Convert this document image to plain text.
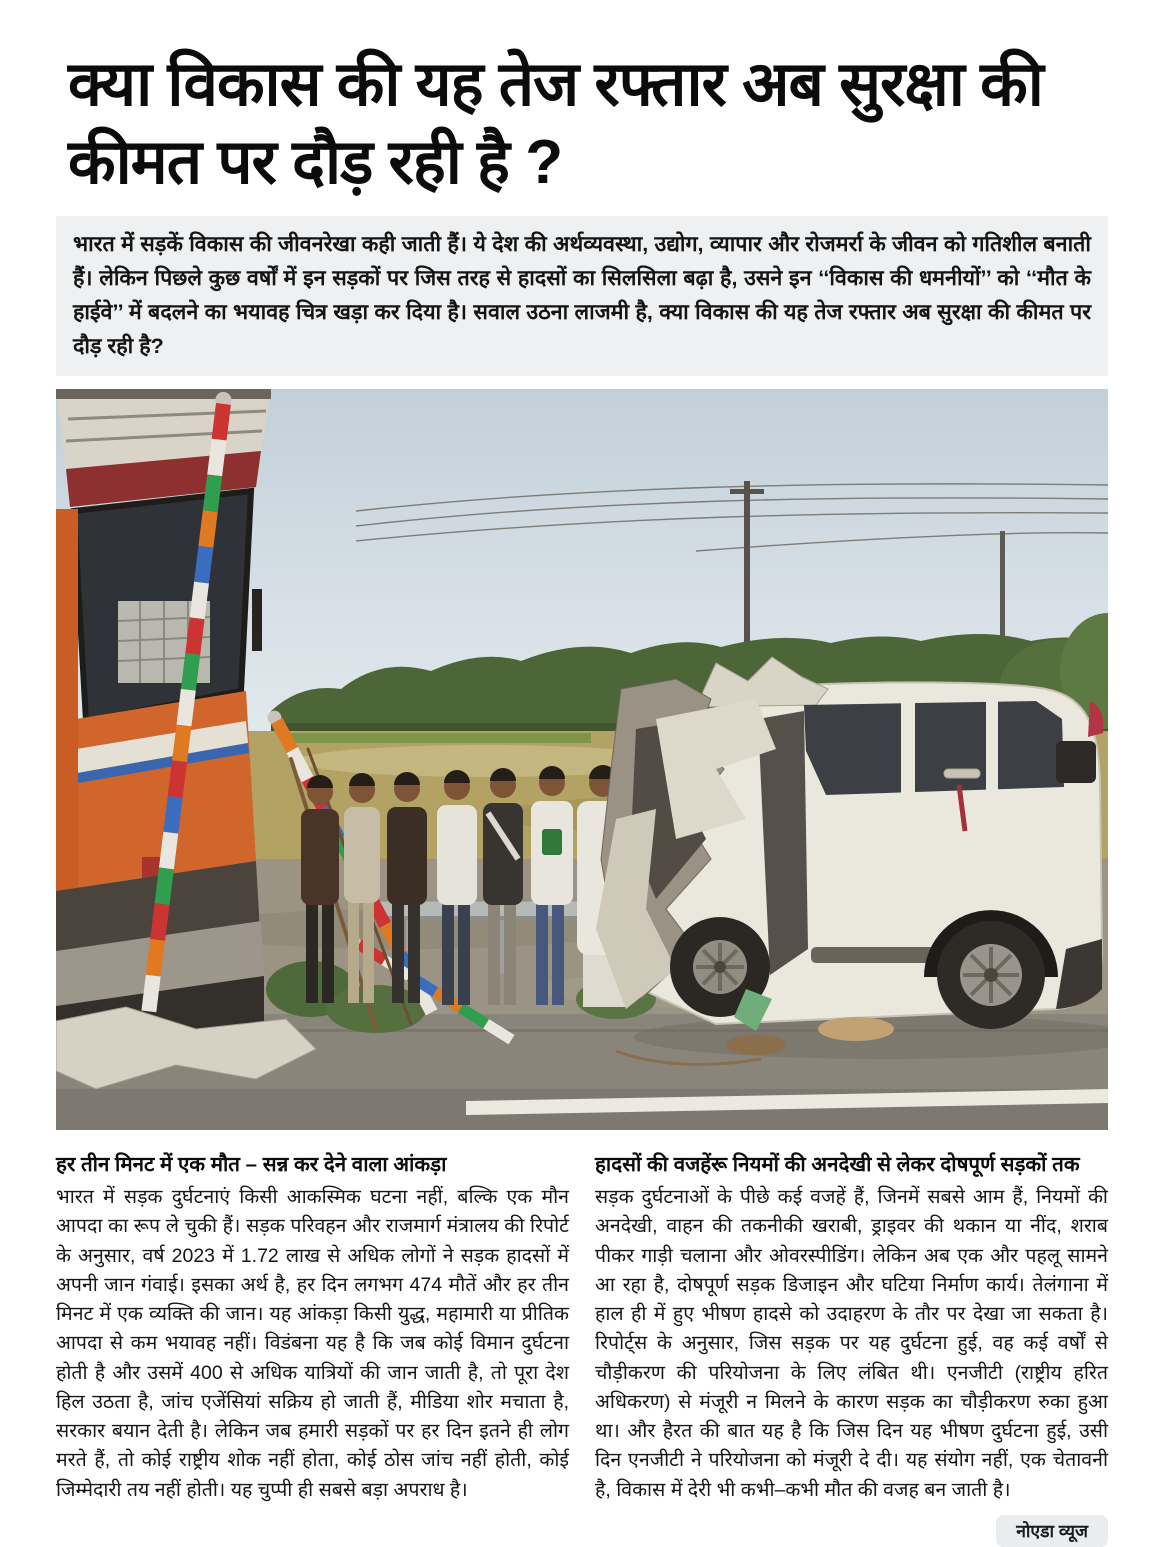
क्या विकास की यह तेज रफ्तार अब सुरक्षा की कीमत पर दौड़ रही है ?
भारत में सड़कें विकास की जीवनरेखा कही जाती हैं। ये देश की अर्थव्यवस्था, उद्योग, व्यापार और रोजमर्रा के जीवन को गतिशील बनाती हैं। लेकिन पिछले कुछ वर्षों में इन सड़कों पर जिस तरह से हादसों का सिलसिला बढ़ा है, उसने इन ‘‘विकास की धमनीयों’’ को ‘‘मौत के हाईवे’’ में बदलने का भयावह चित्र खड़ा कर दिया है। सवाल उठना लाजमी है, क्या विकास की यह तेज रफ्तार अब सुरक्षा की कीमत पर दौड़ रही है?
हर तीन मिनट में एक मौत – सन्न कर देने वाला आंकड़ा

भारत में सड़क दुर्घटनाएं किसी आकस्मिक घटना नहीं, बल्कि एक मौन आपदा का रूप ले चुकी हैं। सड़क परिवहन और राजमार्ग मंत्रालय की रिपोर्ट के अनुसार, वर्ष 2023 में 1.72 लाख से अधिक लोगों ने सड़क हादसों में अपनी जान गंवाई। इसका अर्थ है, हर दिन लगभग 474 मौतें और हर तीन मिनट में एक व्यक्ति की जान। यह आंकड़ा किसी युद्ध, महामारी या प्रीतिक आपदा से कम भयावह नहीं। विडंबना यह है कि जब कोई विमान दुर्घटना होती है और उसमें 400 से अधिक यात्रियों की जान जाती है, तो पूरा देश हिल उठता है, जांच एजेंसियां सक्रिय हो जाती हैं, मीडिया शोर मचाता है, सरकार बयान देती है। लेकिन जब हमारी सड़कों पर हर दिन इतने ही लोग मरते हैं, तो कोई राष्ट्रीय शोक नहीं होता, कोई ठोस जांच नहीं होती, कोई जिम्मेदारी तय नहीं होती। यह चुप्पी ही सबसे बड़ा अपराध है।

हादसों की वजहेंरू नियमों की अनदेखी से लेकर दोषपूर्ण सड़कों तक

सड़क दुर्घटनाओं के पीछे कई वजहें हैं, जिनमें सबसे आम हैं, नियमों की अनदेखी, वाहन की तकनीकी खराबी, ड्राइवर की थकान या नींद, शराब पीकर गाड़ी चलाना और ओवरस्पीडिंग। लेकिन अब एक और पहलू सामने आ रहा है, दोषपूर्ण सड़क डिजाइन और घटिया निर्माण कार्य। तेलंगाना में हाल ही में हुए भीषण हादसे को उदाहरण के तौर पर देखा जा सकता है। रिपोर्ट्स के अनुसार, जिस सड़क पर यह दुर्घटना हुई, वह कई वर्षों से चौड़ीकरण की परियोजना के लिए लंबित थी। एनजीटी (राष्ट्रीय हरित अधिकरण) से मंजूरी न मिलने के कारण सड़क का चौड़ीकरण रुका हुआ था। और हैरत की बात यह है कि जिस दिन यह भीषण दुर्घटना हुई, उसी दिन एनजीटी ने परियोजना को मंजूरी दे दी। यह संयोग नहीं, एक चेतावनी है, विकास में देरी भी कभी–कभी मौत की वजह बन जाती है।

नोएडा व्यूज
